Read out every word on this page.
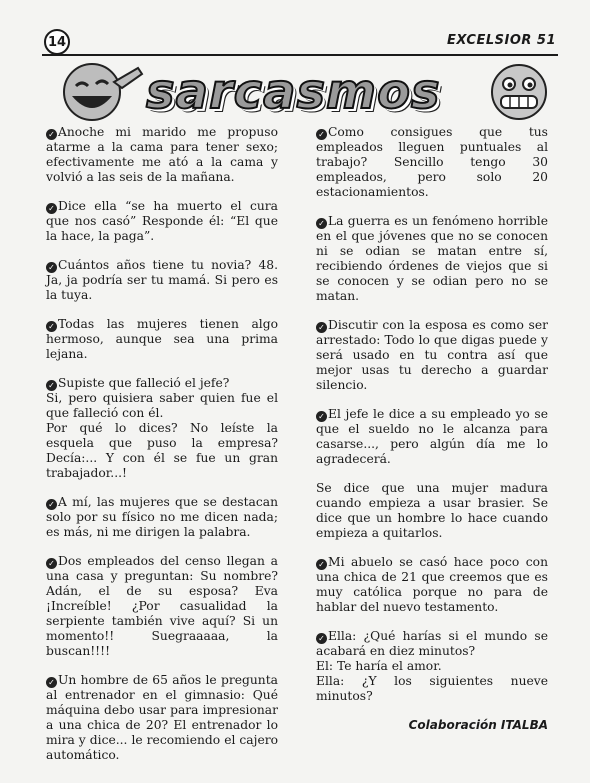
14	EXCELSIOR 51
sarcasmos
✓ Anoche mi marido me propuso atarme a la cama para tener sexo; efectivamente me ató a la cama y volvió a las seis de la mañana.
✓ Dice ella “se ha muerto el cura que nos casó” Responde él: “El que la hace, la paga”.
✓ Cuántos años tiene tu novia? 48. Ja, ja podría ser tu mamá. Si pero es la tuya.
✓ Todas las mujeres tienen algo hermoso, aunque sea una prima lejana.
✓ Supiste que falleció el jefe?
Si, pero quisiera saber quien fue el que falleció con él.
Por qué lo dices? No leíste la esquela que puso la empresa? Decía:... Y con él se fue un gran trabajador...!
✓ A mí, las mujeres que se destacan solo por su físico no me dicen nada; es más, ni me dirigen la palabra.
✓ Dos empleados del censo llegan a una casa y preguntan: Su nombre? Adán, el de su esposa? Eva ¡Increíble! ¿Por casualidad la serpiente también vive aquí? Si un momento!! Suegraaaaa, la buscan!!!!
✓ Un hombre de 65 años le pregunta al entrenador en el gimnasio: Qué máquina debo usar para impresionar a una chica de 20? El entrenador lo mira y dice... le recomiendo el cajero automático.
✓ Como consigues que tus empleados lleguen puntuales al trabajo? Sencillo tengo 30 empleados, pero solo 20 estacionamientos.
✓ La guerra es un fenómeno horrible en el que jóvenes que no se conocen ni se odian se matan entre sí, recibiendo órdenes de viejos que si se conocen y se odian pero no se matan.
✓ Discutir con la esposa es como ser arrestado: Todo lo que digas puede y será usado en tu contra así que mejor usas tu derecho a guardar silencio.
✓ El jefe le dice a su empleado yo se que el sueldo no le alcanza para casarse..., pero algún día me lo agradecerá.
Se dice que una mujer madura cuando empieza a usar brasier. Se dice que un hombre lo hace cuando empieza a quitarlos.
✓ Mi abuelo se casó hace poco con una chica de 21 que creemos que es muy católica porque no para de hablar del nuevo testamento.
✓ Ella: ¿Qué harías si el mundo se acabará en diez minutos?
El: Te haría el amor.
Ella: ¿Y los siguientes nueve minutos?
Colaboración ITALBA
